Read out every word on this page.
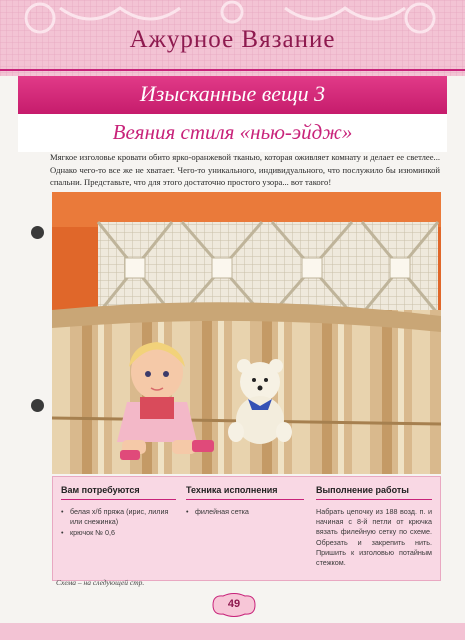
Ажурное Вязание
Изысканные вещи 3
Веяния стиля «нью-эйдж»
Мягкое изголовье кровати обито ярко-оранжевой тканью, которая оживляет комнату и делает ее светлее... Однако чего-то все же не хватает. Чего-то уникального, индивидуального, что послужило бы изюминкой спальни. Представьте, что для этого достаточно простого узора... вот такого!
Вам потребуются
• белая х/б пряжа (ирис, лилия или снежинка)
• крючок № 0,6
Техника исполнения
• филейная сетка
Выполнение работы
Набрать цепочку из 188 возд. п. и начиная с 8-й петли от крючка вязать филейную сетку по схеме. Обрезать и закрепить нить. Пришить к изголовью потайным стежком.
Схема – на следующей стр.
49
